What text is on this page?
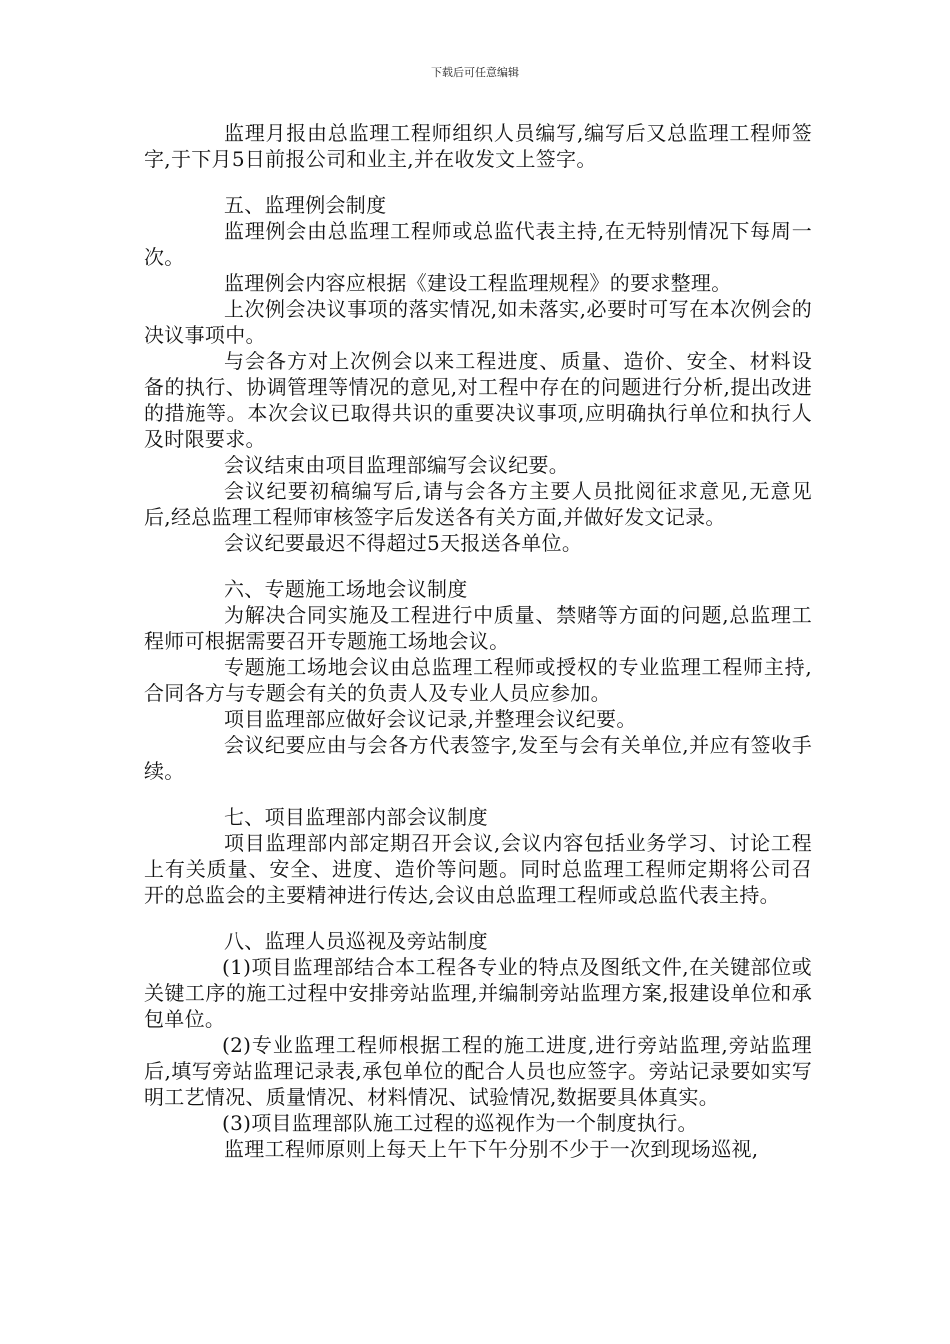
下载后可任意编辑

监理月报由总监理工程师组织人员编写,编写后又总监理工程师签字,于下月5日前报公司和业主,并在收发文上签字。

五、监理例会制度

监理例会由总监理工程师或总监代表主持,在无特别情况下每周一次。

监理例会内容应根据《建设工程监理规程》的要求整理。

上次例会决议事项的落实情况,如未落实,必要时可写在本次例会的决议事项中。

与会各方对上次例会以来工程进度、质量、造价、安全、材料设备的执行、协调管理等情况的意见,对工程中存在的问题进行分析,提出改进的措施等。本次会议已取得共识的重要决议事项,应明确执行单位和执行人及时限要求。

会议结束由项目监理部编写会议纪要。

会议纪要初稿编写后,请与会各方主要人员批阅征求意见,无意见后,经总监理工程师审核签字后发送各有关方面,并做好发文记录。

会议纪要最迟不得超过5天报送各单位。

六、专题施工场地会议制度

为解决合同实施及工程进行中质量、禁赌等方面的问题,总监理工程师可根据需要召开专题施工场地会议。

专题施工场地会议由总监理工程师或授权的专业监理工程师主持,合同各方与专题会有关的负责人及专业人员应参加。

项目监理部应做好会议记录,并整理会议纪要。

会议纪要应由与会各方代表签字,发至与会有关单位,并应有签收手续。

七、项目监理部内部会议制度

项目监理部内部定期召开会议,会议内容包括业务学习、讨论工程上有关质量、安全、进度、造价等问题。同时总监理工程师定期将公司召开的总监会的主要精神进行传达,会议由总监理工程师或总监代表主持。

八、监理人员巡视及旁站制度

(1)项目监理部结合本工程各专业的特点及图纸文件,在关键部位或关键工序的施工过程中安排旁站监理,并编制旁站监理方案,报建设单位和承包单位。

(2)专业监理工程师根据工程的施工进度,进行旁站监理,旁站监理后,填写旁站监理记录表,承包单位的配合人员也应签字。旁站记录要如实写明工艺情况、质量情况、材料情况、试验情况,数据要具体真实。

(3)项目监理部队施工过程的巡视作为一个制度执行。

监理工程师原则上每天上午下午分别不少于一次到现场巡视,
